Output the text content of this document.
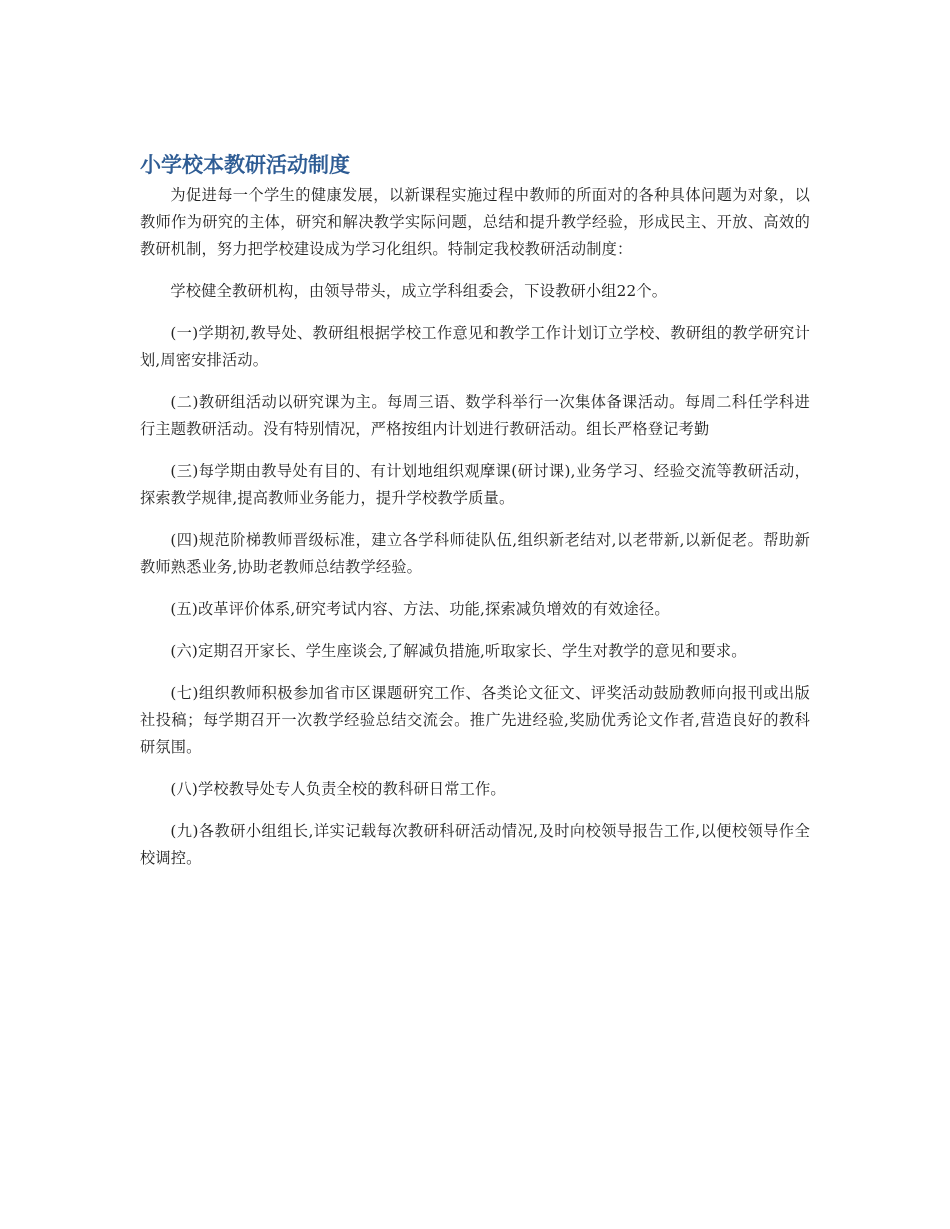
小学校本教研活动制度

为促进每一个学生的健康发展，以新课程实施过程中教师的所面对的各种具体问题为对象，以教师作为研究的主体，研究和解决教学实际问题，总结和提升教学经验，形成民主、开放、高效的教研机制，努力把学校建设成为学习化组织。特制定我校教研活动制度：

学校健全教研机构，由领导带头，成立学科组委会，下设教研小组22个。

(一)学期初,教导处、教研组根据学校工作意见和教学工作计划订立学校、教研组的教学研究计划,周密安排活动。

(二)教研组活动以研究课为主。每周三语、数学科举行一次集体备课活动。每周二科任学科进行主题教研活动。没有特别情况，严格按组内计划进行教研活动。组长严格登记考勤

(三)每学期由教导处有目的、有计划地组织观摩课(研讨课),业务学习、经验交流等教研活动，探索教学规律,提高教师业务能力，提升学校教学质量。

(四)规范阶梯教师晋级标准，建立各学科师徒队伍,组织新老结对,以老带新,以新促老。帮助新教师熟悉业务,协助老教师总结教学经验。

(五)改革评价体系,研究考试内容、方法、功能,探索减负增效的有效途径。

(六)定期召开家长、学生座谈会,了解减负措施,听取家长、学生对教学的意见和要求。

(七)组织教师积极参加省市区课题研究工作、各类论文征文、评奖活动鼓励教师向报刊或出版社投稿；每学期召开一次教学经验总结交流会。推广先进经验,奖励优秀论文作者,营造良好的教科研氛围。

(八)学校教导处专人负责全校的教科研日常工作。

(九)各教研小组组长,详实记载每次教研科研活动情况,及时向校领导报告工作,以便校领导作全校调控。
